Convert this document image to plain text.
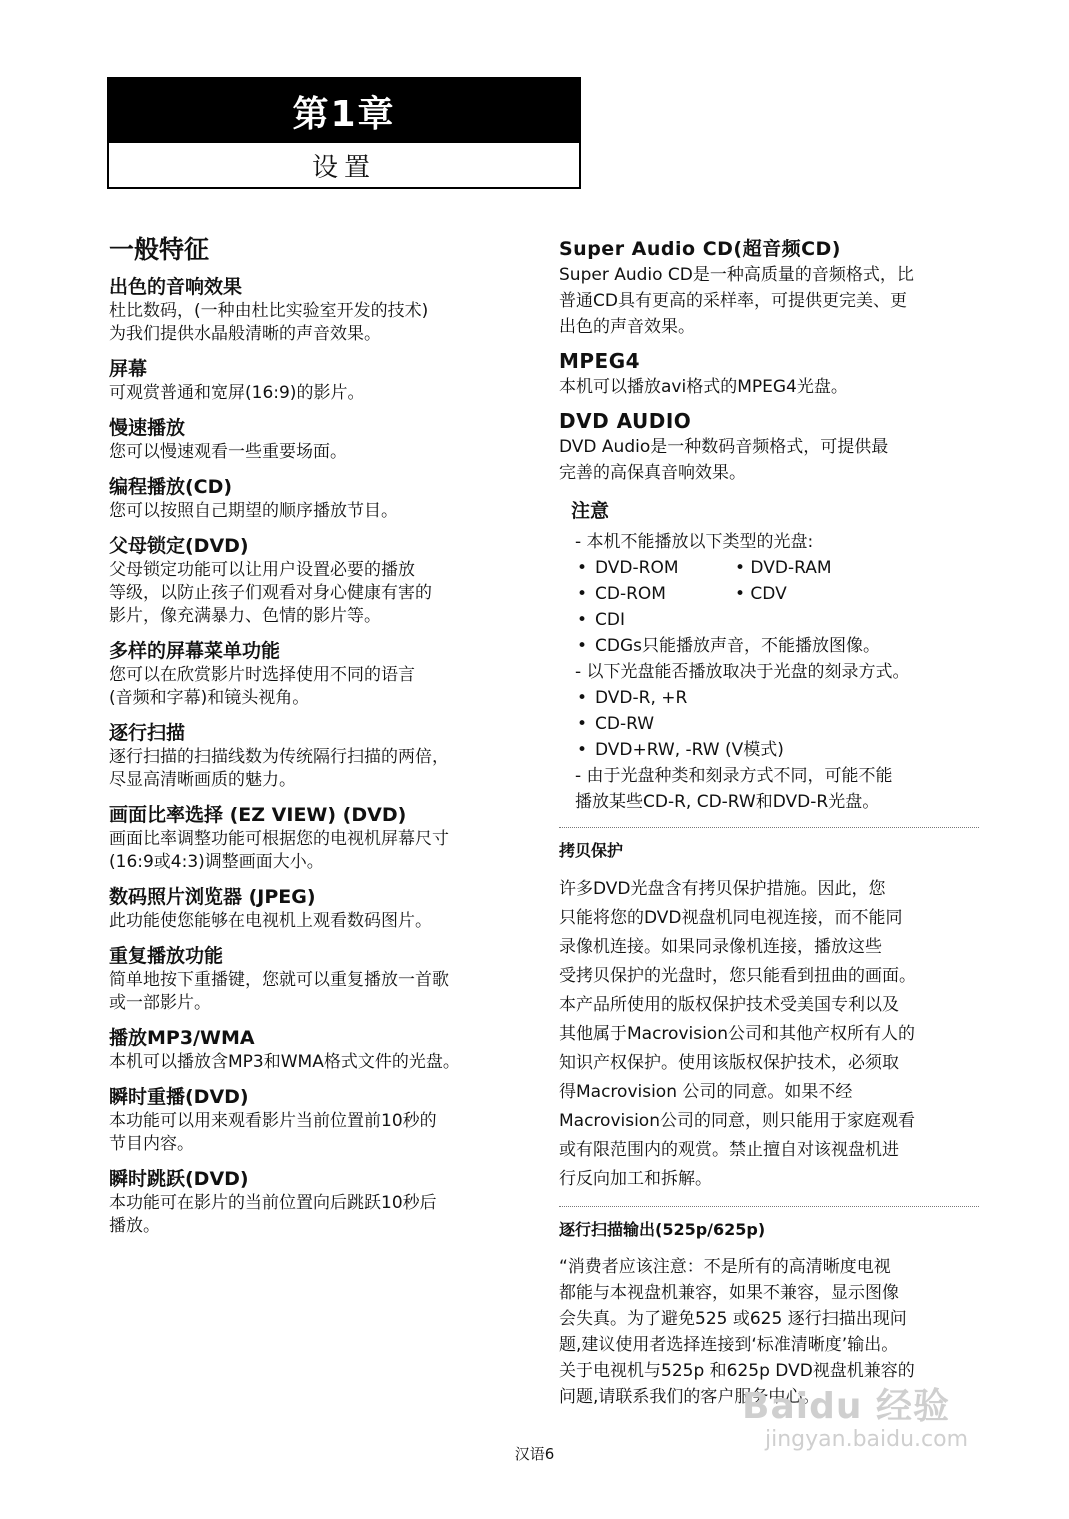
第1章
设置
一般特征
出色的音响效果

杜比数码，(一种由杜比实验室开发的技术)
为我们提供水晶般清晰的声音效果。

屏幕

可观赏普通和宽屏(16:9)的影片。

慢速播放

您可以慢速观看一些重要场面。

编程播放(CD)

您可以按照自己期望的顺序播放节目。

父母锁定(DVD)

父母锁定功能可以让用户设置必要的播放
等级，以防止孩子们观看对身心健康有害的
影片，像充满暴力、色情的影片等。

多样的屏幕菜单功能

您可以在欣赏影片时选择使用不同的语言
(音频和字幕)和镜头视角。

逐行扫描

逐行扫描的扫描线数为传统隔行扫描的两倍，
尽显高清晰画质的魅力。

画面比率选择 (EZ VIEW) (DVD)

画面比率调整功能可根据您的电视机屏幕尺寸
(16:9或4:3)调整画面大小。

数码照片浏览器 (JPEG)

此功能使您能够在电视机上观看数码图片。

重复播放功能

简单地按下重播键，您就可以重复播放一首歌
或一部影片。

播放MP3/WMA

本机可以播放含MP3和WMA格式文件的光盘。

瞬时重播(DVD)

本功能可以用来观看影片当前位置前10秒的
节目内容。

瞬时跳跃(DVD)

本功能可在影片的当前位置向后跳跃10秒后
播放。

Super Audio CD(超音频CD)

Super Audio CD是一种高质量的音频格式，比
普通CD具有更高的采样率，可提供更完美、更
出色的声音效果。

MPEG4

本机可以播放avi格式的MPEG4光盘。

DVD AUDIO

DVD Audio是一种数码音频格式，可提供最
完善的高保真音响效果。

注意
- 本机不能播放以下类型的光盘:
• DVD-ROM	• DVD-RAM
• CD-ROM	• CDV
• CDI
• CDGs只能播放声音，不能播放图像。
- 以下光盘能否播放取决于光盘的刻录方式。
• DVD-R, +R
• CD-RW
• DVD+RW, -RW (V模式)
- 由于光盘种类和刻录方式不同，可能不能
播放某些CD-R, CD-RW和DVD-R光盘。
拷贝保护

许多DVD光盘含有拷贝保护措施。因此，您
只能将您的DVD视盘机同电视连接，而不能同
录像机连接。如果同录像机连接，播放这些
受拷贝保护的光盘时，您只能看到扭曲的画面。
本产品所使用的版权保护技术受美国专利以及
其他属于Macrovision公司和其他产权所有人的
知识产权保护。使用该版权保护技术，必须取
得Macrovision 公司的同意。如果不经
Macrovision公司的同意，则只能用于家庭观看
或有限范围内的观赏。禁止擅自对该视盘机进
行反向加工和拆解。

逐行扫描输出(525p/625p)

“消费者应该注意：不是所有的高清晰度电视
都能与本视盘机兼容，如果不兼容，显示图像
会失真。为了避免525 或625 逐行扫描出现问
题,建议使用者选择连接到‘标准清晰度’输出。
关于电视机与525p 和625p DVD视盘机兼容的
问题,请联系我们的客户服务中心。

汉语6
Baidu 经验
jingyan.baidu.com
